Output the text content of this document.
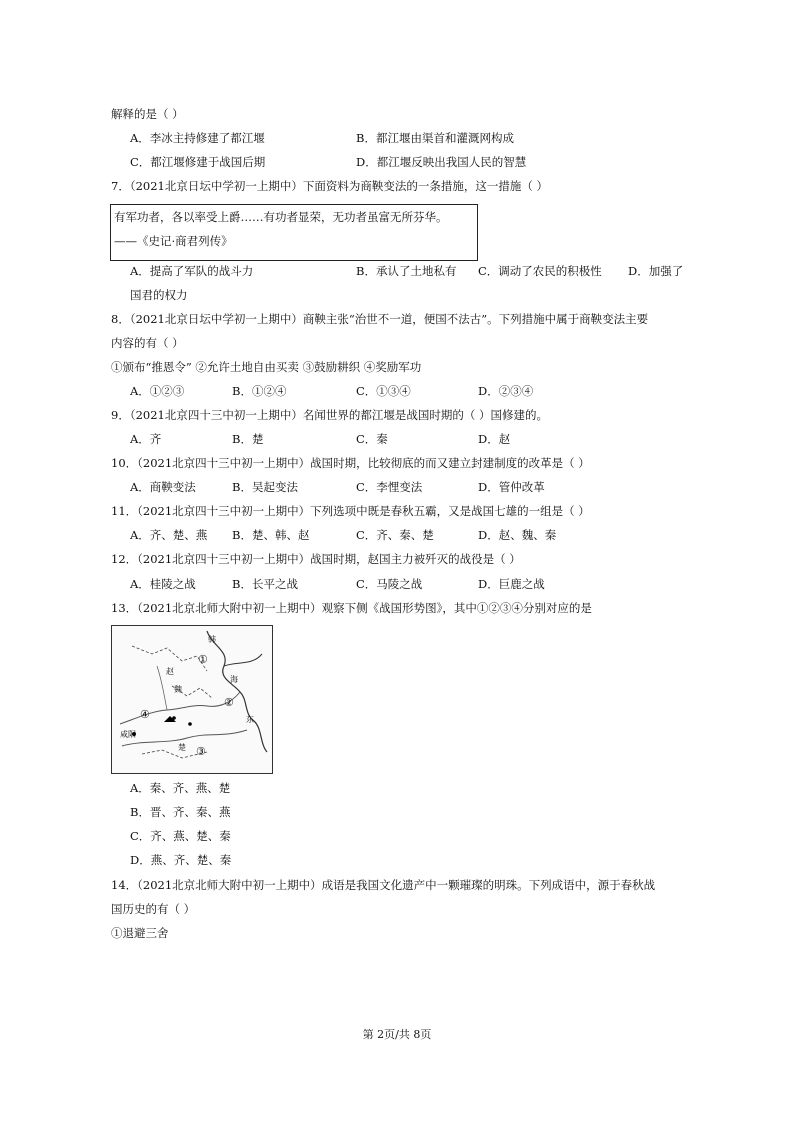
解释的是（ ）
A．李冰主持修建了都江堰	B．都江堰由渠首和灌溉网构成
C．都江堰修建于战国后期	D．都江堰反映出我国人民的智慧
7．（2021北京日坛中学初一上期中）下面资料为商鞅变法的一条措施，这一措施（ ）
有军功者，各以率受上爵……有功者显荣，无功者虽富无所芬华。
——《史记·商君列传》
A．提高了军队的战斗力	B．承认了土地私有 C．调动了农民的积极性 D．加强了
国君的权力
8．（2021北京日坛中学初一上期中）商鞅主张“治世不一道，便国不法古”。下列措施中属于商鞅变法主要
内容的有（ ）
①颁布“推恩令” ②允许土地自由买卖 ③鼓励耕织 ④奖励军功
A．①②③	B．①②④	C．①③④	D．②③④
9．（2021北京四十三中初一上期中）名闻世界的都江堰是战国时期的（ ）国修建的。
A．齐	B．楚	C．秦	D．赵
10．（2021北京四十三中初一上期中）战国时期，比较彻底的而又建立封建制度的改革是（ ）
A．商鞅变法	B．吴起变法	C．李悝变法	D．管仲改革
11．（2021北京四十三中初一上期中）下列选项中既是春秋五霸，又是战国七雄的一组是（ ）
A．齐、楚、燕 B．楚、韩、赵	C．齐、秦、楚	D．赵、魏、秦
12．（2021北京四十三中初一上期中）战国时期，赵国主力被歼灭的战役是（ ）
A．桂陵之战	B．长平之战	C．马陵之战	D．巨鹿之战
13．（2021北京北师大附中初一上期中）观察下侧《战国形势图》，其中①②③④分别对应的是
①
②
③
④
韩
魏
赵
咸阳
海
东
楚
A．秦、齐、燕、楚
B．晋、齐、秦、燕
C．齐、燕、楚、秦
D．燕、齐、楚、秦
14．（2021北京北师大附中初一上期中）成语是我国文化遗产中一颗璀璨的明珠。下列成语中，源于春秋战
国历史的有（ ）
①退避三舍
第 2页/共 8页
